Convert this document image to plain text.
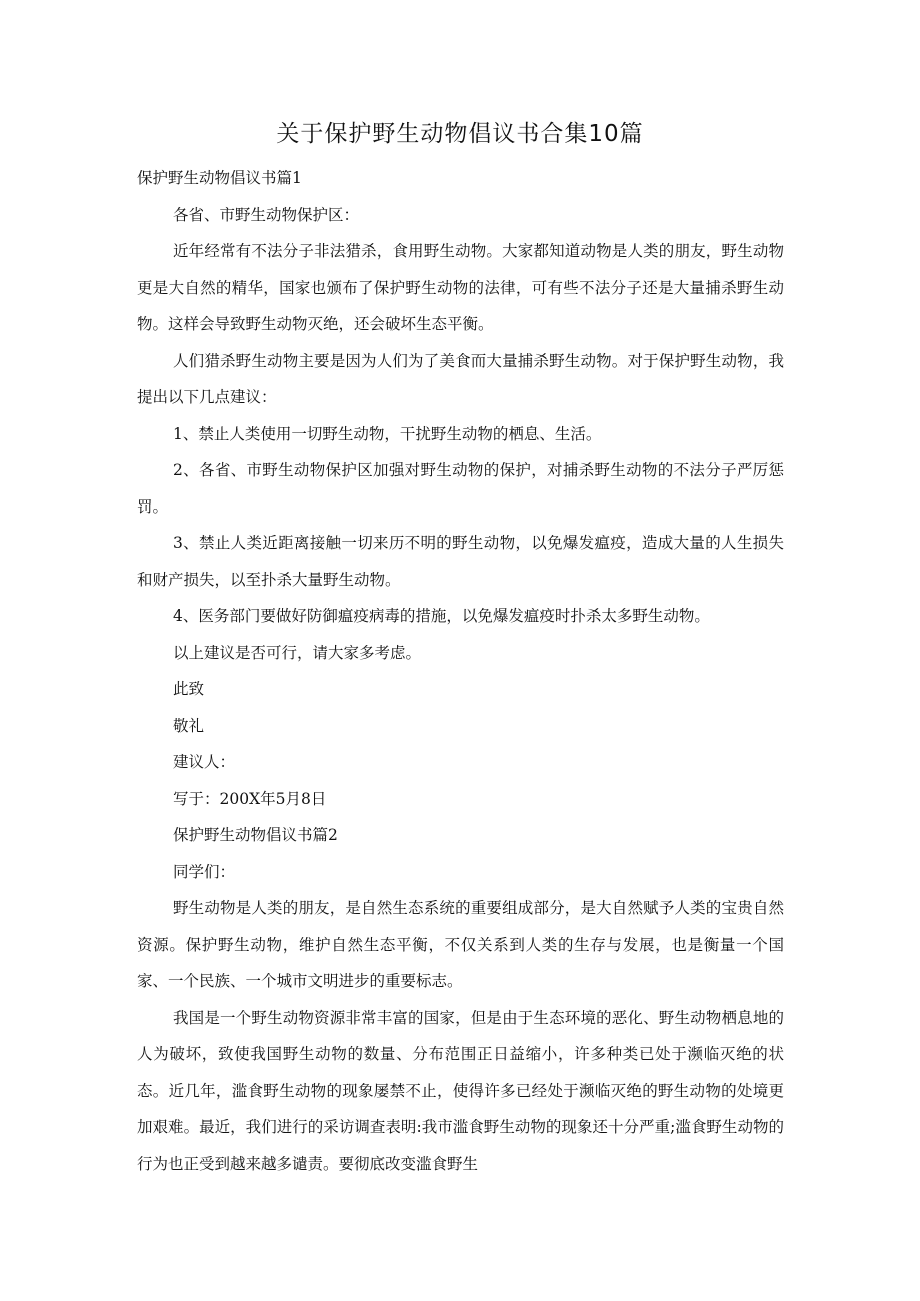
关于保护野生动物倡议书合集10篇

保护野生动物倡议书篇1

各省、市野生动物保护区：

近年经常有不法分子非法猎杀，食用野生动物。大家都知道动物是人类的朋友，野生动物更是大自然的精华，国家也颁布了保护野生动物的法律，可有些不法分子还是大量捕杀野生动物。这样会导致野生动物灭绝，还会破坏生态平衡。

人们猎杀野生动物主要是因为人们为了美食而大量捕杀野生动物。对于保护野生动物，我提出以下几点建议：

1、禁止人类使用一切野生动物，干扰野生动物的栖息、生活。

2、各省、市野生动物保护区加强对野生动物的保护，对捕杀野生动物的不法分子严厉惩罚。

3、禁止人类近距离接触一切来历不明的野生动物，以免爆发瘟疫，造成大量的人生损失和财产损失，以至扑杀大量野生动物。

4、医务部门要做好防御瘟疫病毒的措施，以免爆发瘟疫时扑杀太多野生动物。

以上建议是否可行，请大家多考虑。

此致

敬礼

建议人：

写于：200X年5月8日

保护野生动物倡议书篇2

同学们：

野生动物是人类的朋友，是自然生态系统的重要组成部分，是大自然赋予人类的宝贵自然资源。保护野生动物，维护自然生态平衡，不仅关系到人类的生存与发展，也是衡量一个国家、一个民族、一个城市文明进步的重要标志。

我国是一个野生动物资源非常丰富的国家，但是由于生态环境的恶化、野生动物栖息地的人为破坏，致使我国野生动物的数量、分布范围正日益缩小，许多种类已处于濒临灭绝的状态。近几年，滥食野生动物的现象屡禁不止，使得许多已经处于濒临灭绝的野生动物的处境更加艰难。最近，我们进行的采访调查表明:我市滥食野生动物的现象还十分严重;滥食野生动物的行为也正受到越来越多谴责。要彻底改变滥食野生
